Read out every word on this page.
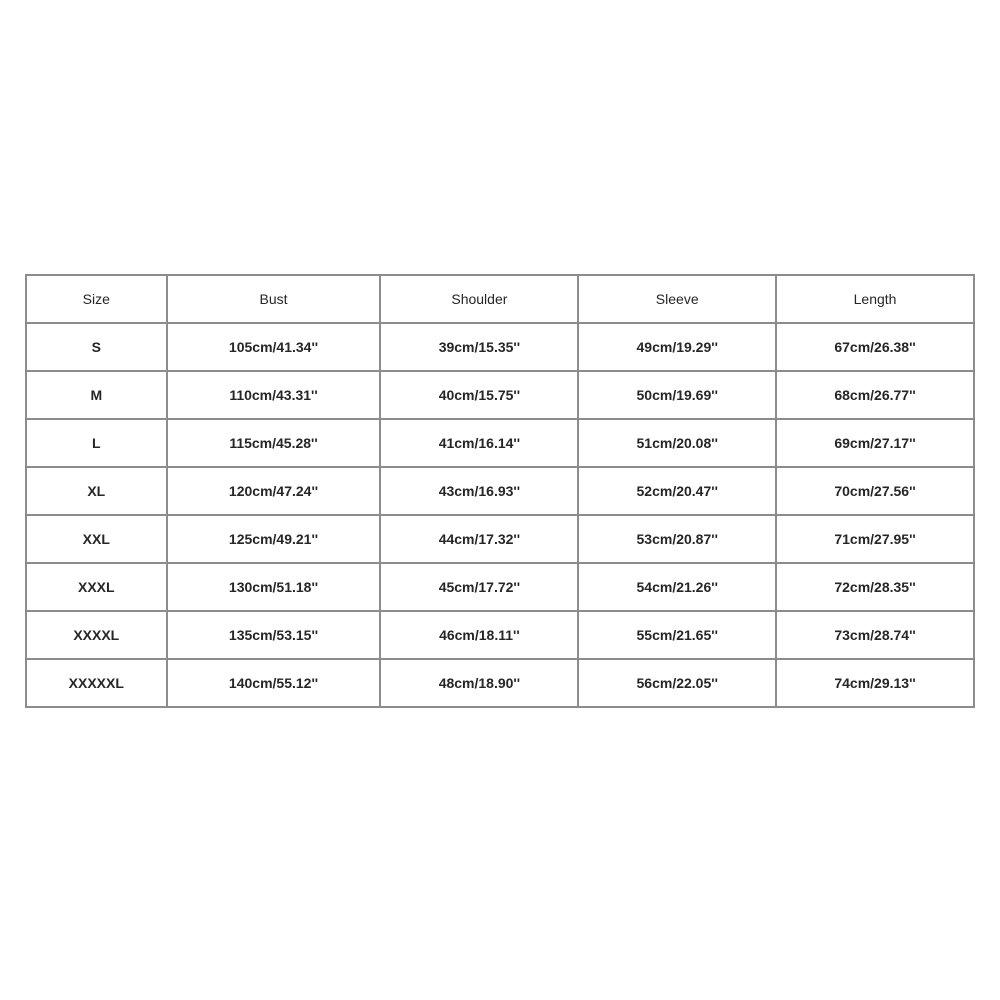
Size	Bust	Shoulder	Sleeve	Length
S	105cm/41.34''	39cm/15.35''	49cm/19.29''	67cm/26.38''
M	110cm/43.31''	40cm/15.75''	50cm/19.69''	68cm/26.77''
L	115cm/45.28''	41cm/16.14''	51cm/20.08''	69cm/27.17''
XL	120cm/47.24''	43cm/16.93''	52cm/20.47''	70cm/27.56''
XXL	125cm/49.21''	44cm/17.32''	53cm/20.87''	71cm/27.95''
XXXL	130cm/51.18''	45cm/17.72''	54cm/21.26''	72cm/28.35''
XXXXL	135cm/53.15''	46cm/18.11''	55cm/21.65''	73cm/28.74''
XXXXXL	140cm/55.12''	48cm/18.90''	56cm/22.05''	74cm/29.13''
